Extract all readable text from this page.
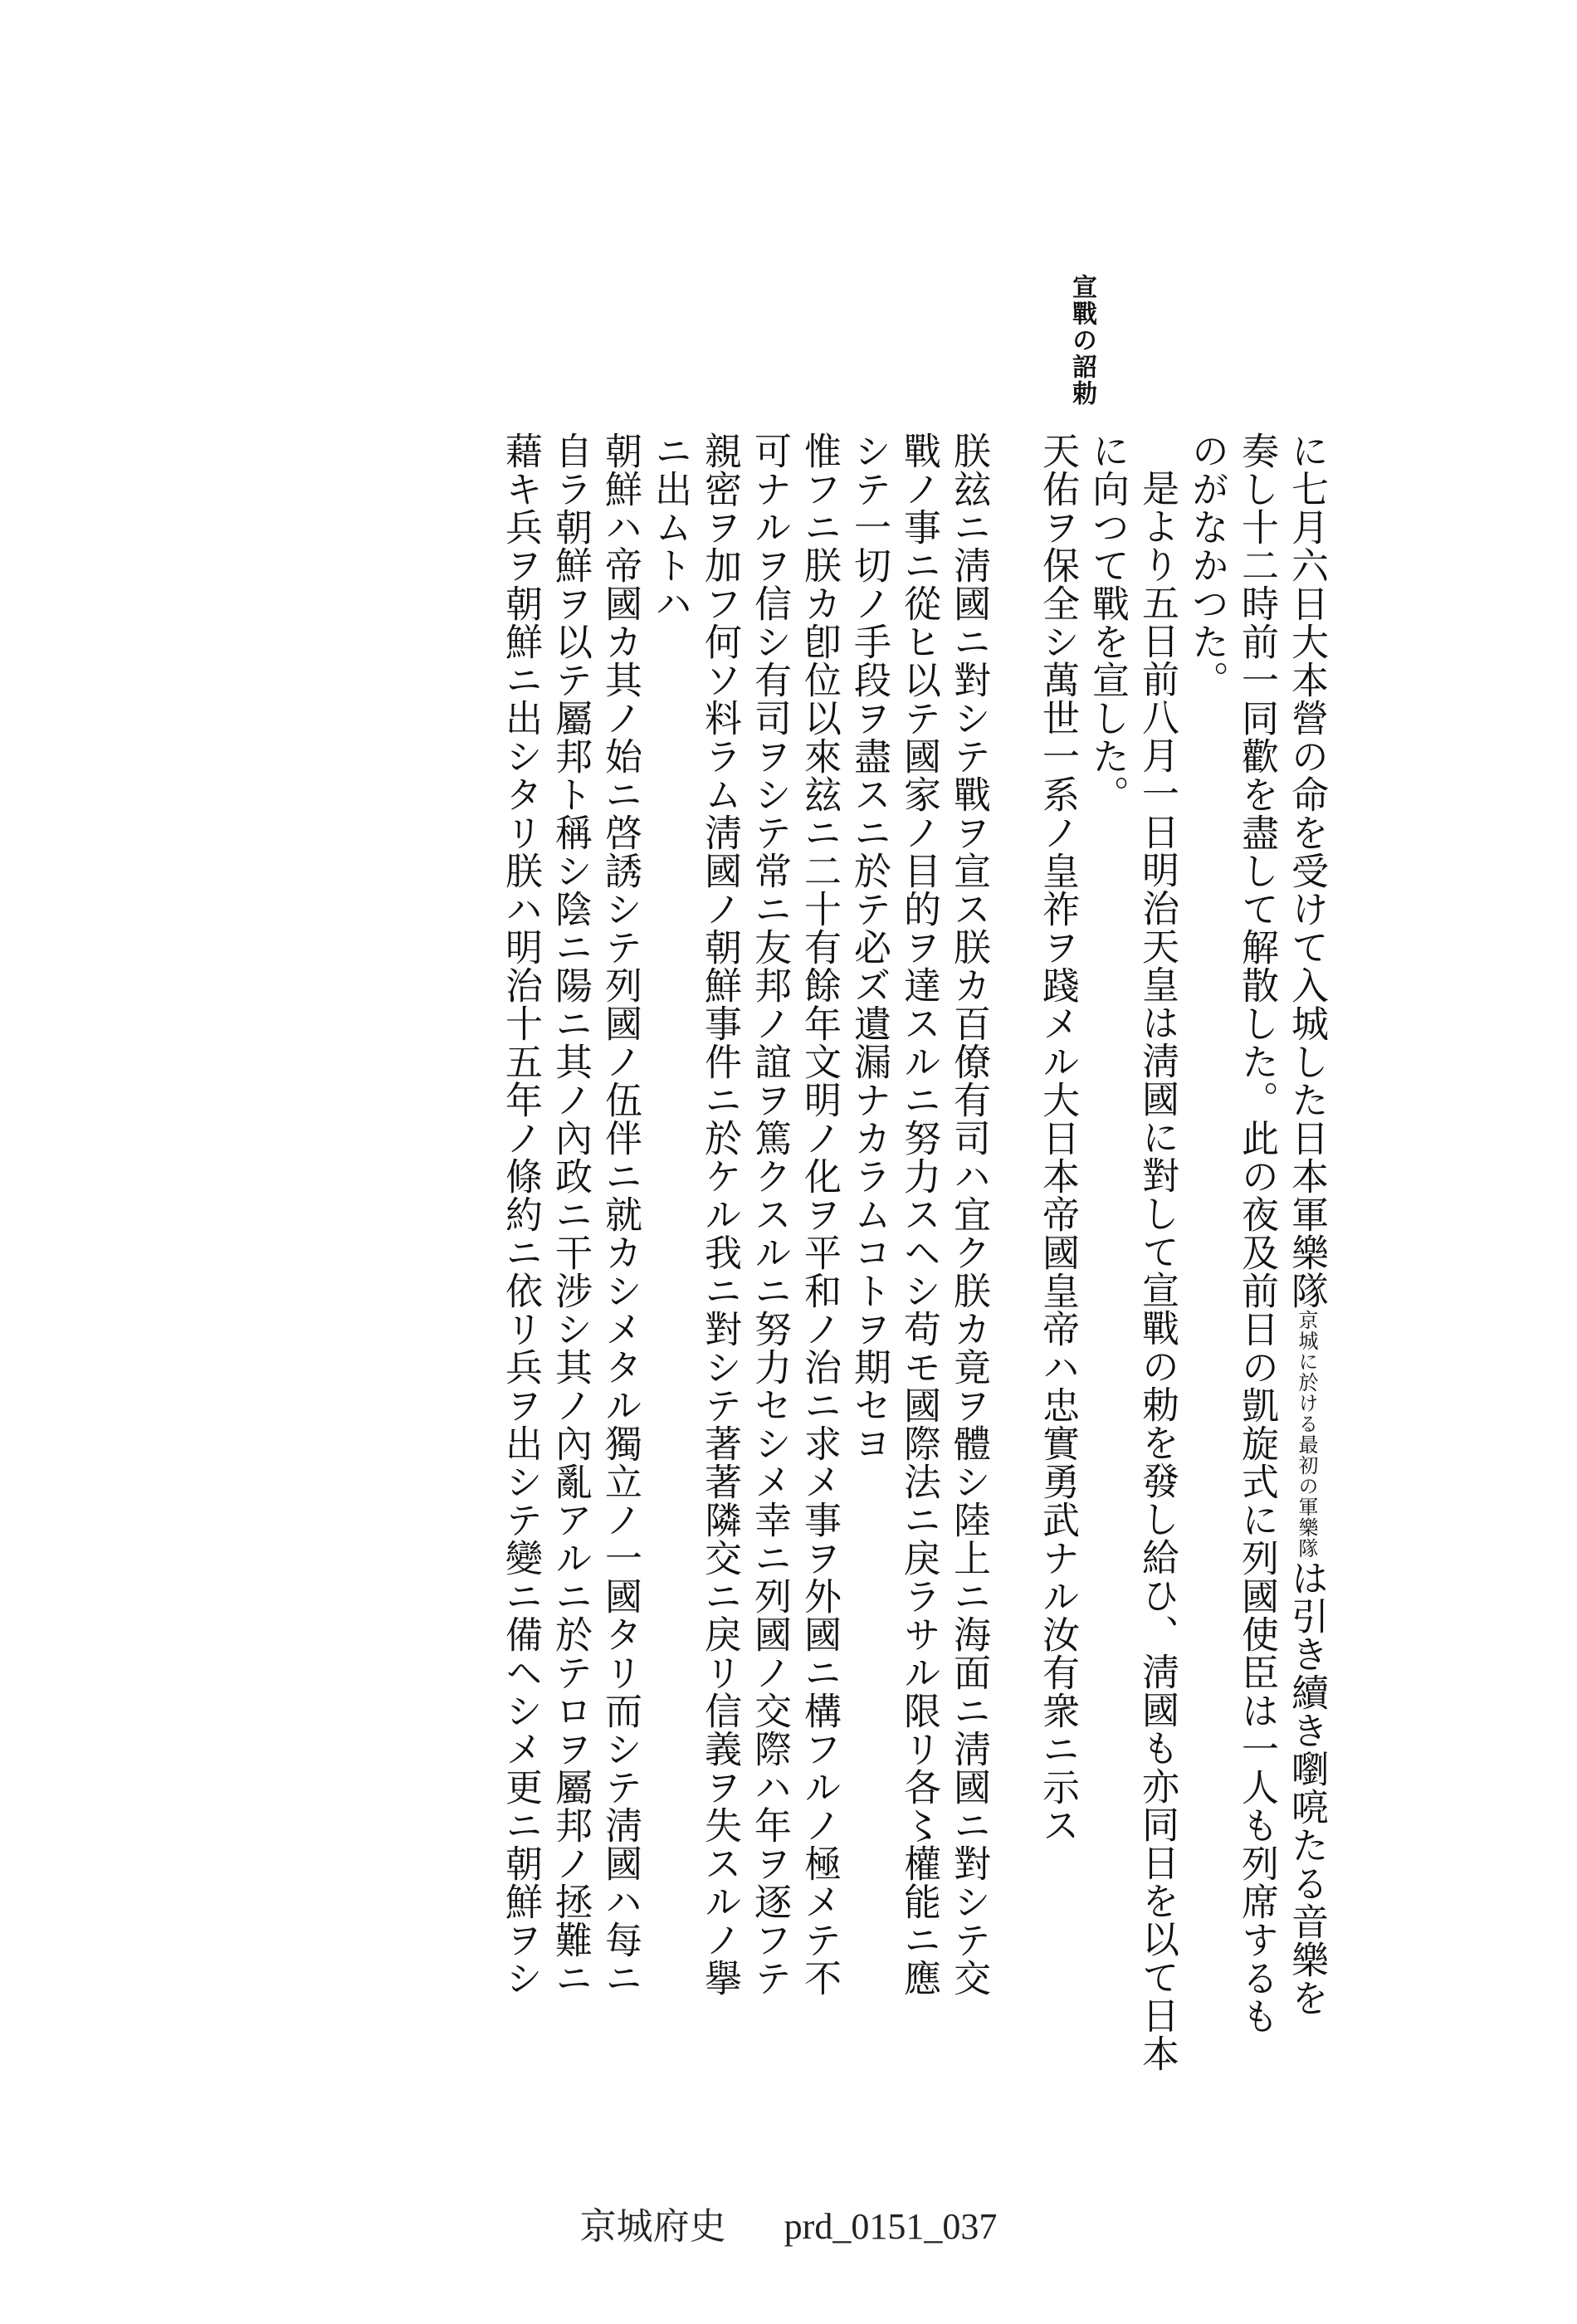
宣戰の詔勅
に七月六日大本營の命を受けて入城した日本軍樂隊京城に於ける最初の軍樂隊は引き續き嚠喨たる音樂を
奏し十二時前一同歡を盡して解散した。此の夜及前日の凱旋式に列國使臣は一人も列席するも
のがなかつた。
是より五日前八月一日明治天皇は淸國に對して宣戰の勅を發し給ひ、淸國も亦同日を以て日本
に向つて戰を宣した。
天佑ヲ保全シ萬世一系ノ皇祚ヲ踐メル大日本帝國皇帝ハ忠實勇武ナル汝有衆ニ示ス
朕玆ニ淸國ニ對シテ戰ヲ宣ス朕カ百僚有司ハ宜ク朕カ竟ヲ體シ陸上ニ海面ニ淸國ニ對シテ交
戰ノ事ニ從ヒ以テ國家ノ目的ヲ達スルニ努力スヘシ苟モ國際法ニ戾ラサル限リ各〻權能ニ應
シテ一切ノ手段ヲ盡スニ於テ必ズ遺漏ナカラムコトヲ期セヨ
惟フニ朕カ卽位以來玆ニ二十有餘年文明ノ化ヲ平和ノ治ニ求メ事ヲ外國ニ構フルノ極メテ不
可ナルヲ信シ有司ヲシテ常ニ友邦ノ誼ヲ篤クスルニ努力セシメ幸ニ列國ノ交際ハ年ヲ逐フテ
親密ヲ加フ何ソ料ラム淸國ノ朝鮮事件ニ於ケル我ニ對シテ著著隣交ニ戾リ信義ヲ失スルノ擧
ニ出ムトハ
朝鮮ハ帝國カ其ノ始ニ啓誘シテ列國ノ伍伴ニ就カシメタル獨立ノ一國タリ而シテ淸國ハ每ニ
自ラ朝鮮ヲ以テ屬邦ト稱シ陰ニ陽ニ其ノ內政ニ干涉シ其ノ內亂アルニ於テロヲ屬邦ノ拯難ニ
藉キ兵ヲ朝鮮ニ出シタリ朕ハ明治十五年ノ條約ニ依リ兵ヲ出シテ變ニ備ヘシメ更ニ朝鮮ヲシ
京城府史 prd_0151_037
